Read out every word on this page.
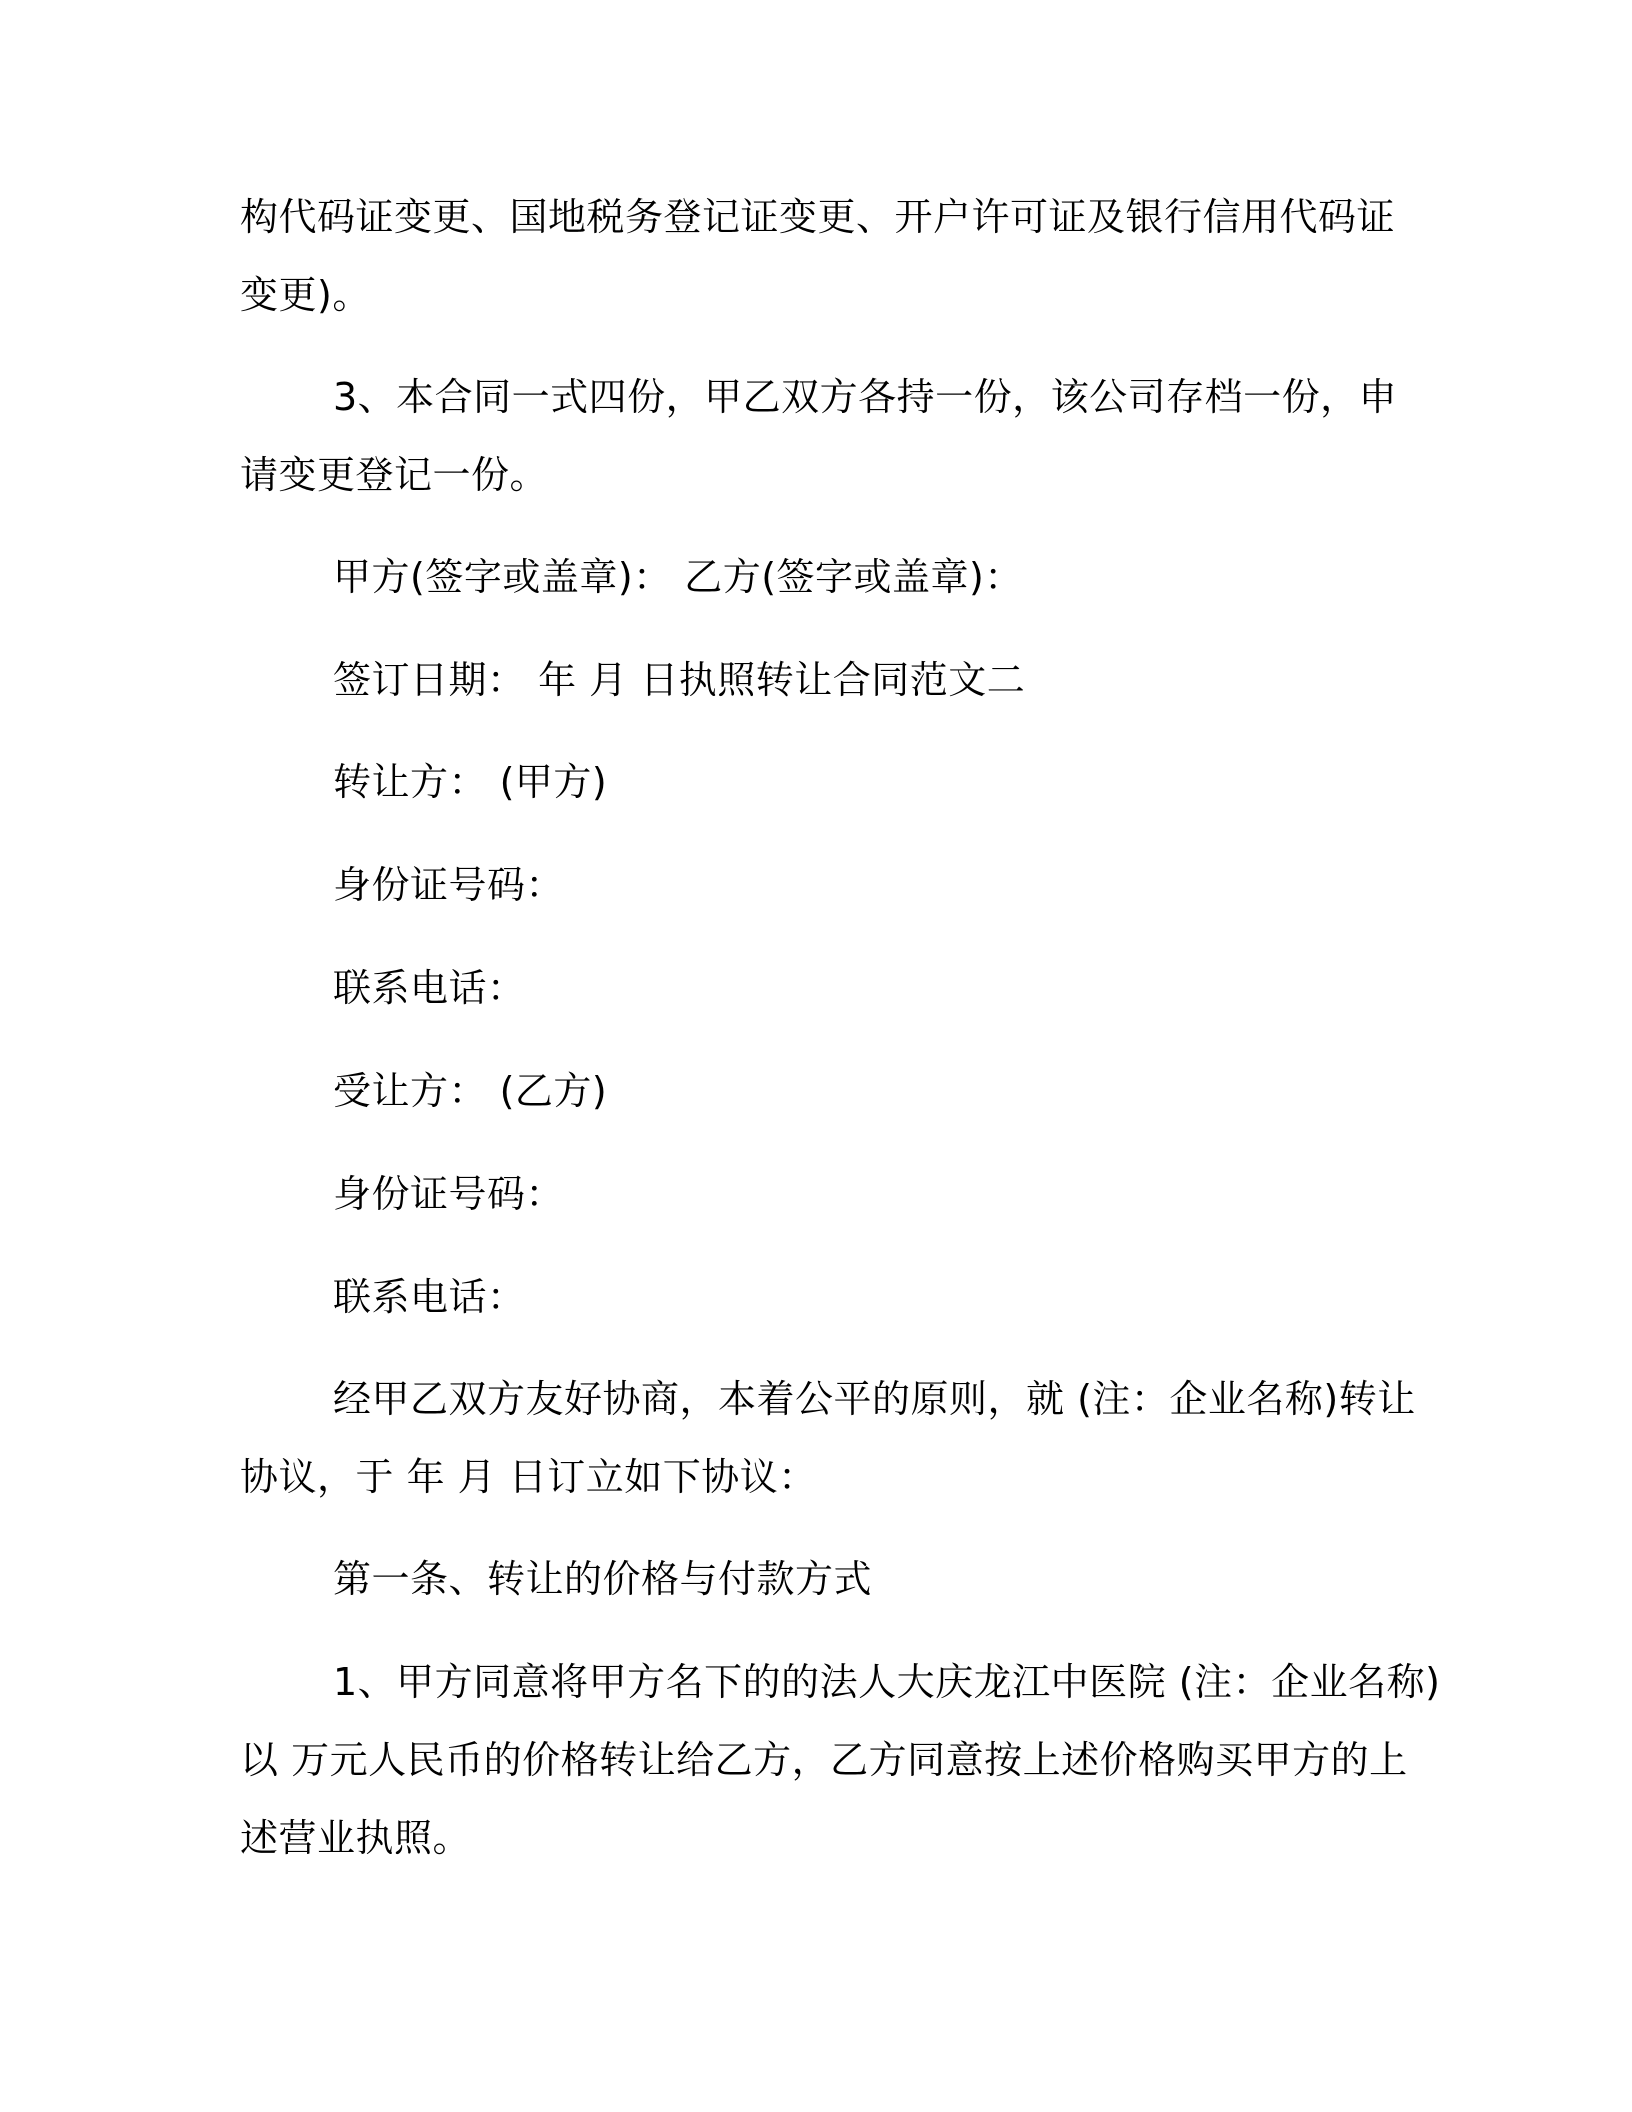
构代码证变更、国地税务登记证变更、开户许可证及银行信用代码证
变更)。
3、本合同一式四份，甲乙双方各持一份，该公司存档一份，申
请变更登记一份。
甲方(签字或盖章)： 乙方(签字或盖章)：
签订日期： 年 月 日执照转让合同范文二
转让方： (甲方)
身份证号码：
联系电话：
受让方： (乙方)
身份证号码：
联系电话：
经甲乙双方友好协商，本着公平的原则，就 (注：企业名称)转让
协议，于 年 月 日订立如下协议：
第一条、转让的价格与付款方式
1、甲方同意将甲方名下的的法人大庆龙江中医院 (注：企业名称)
以 万元人民币的价格转让给乙方，乙方同意按上述价格购买甲方的上
述营业执照。
